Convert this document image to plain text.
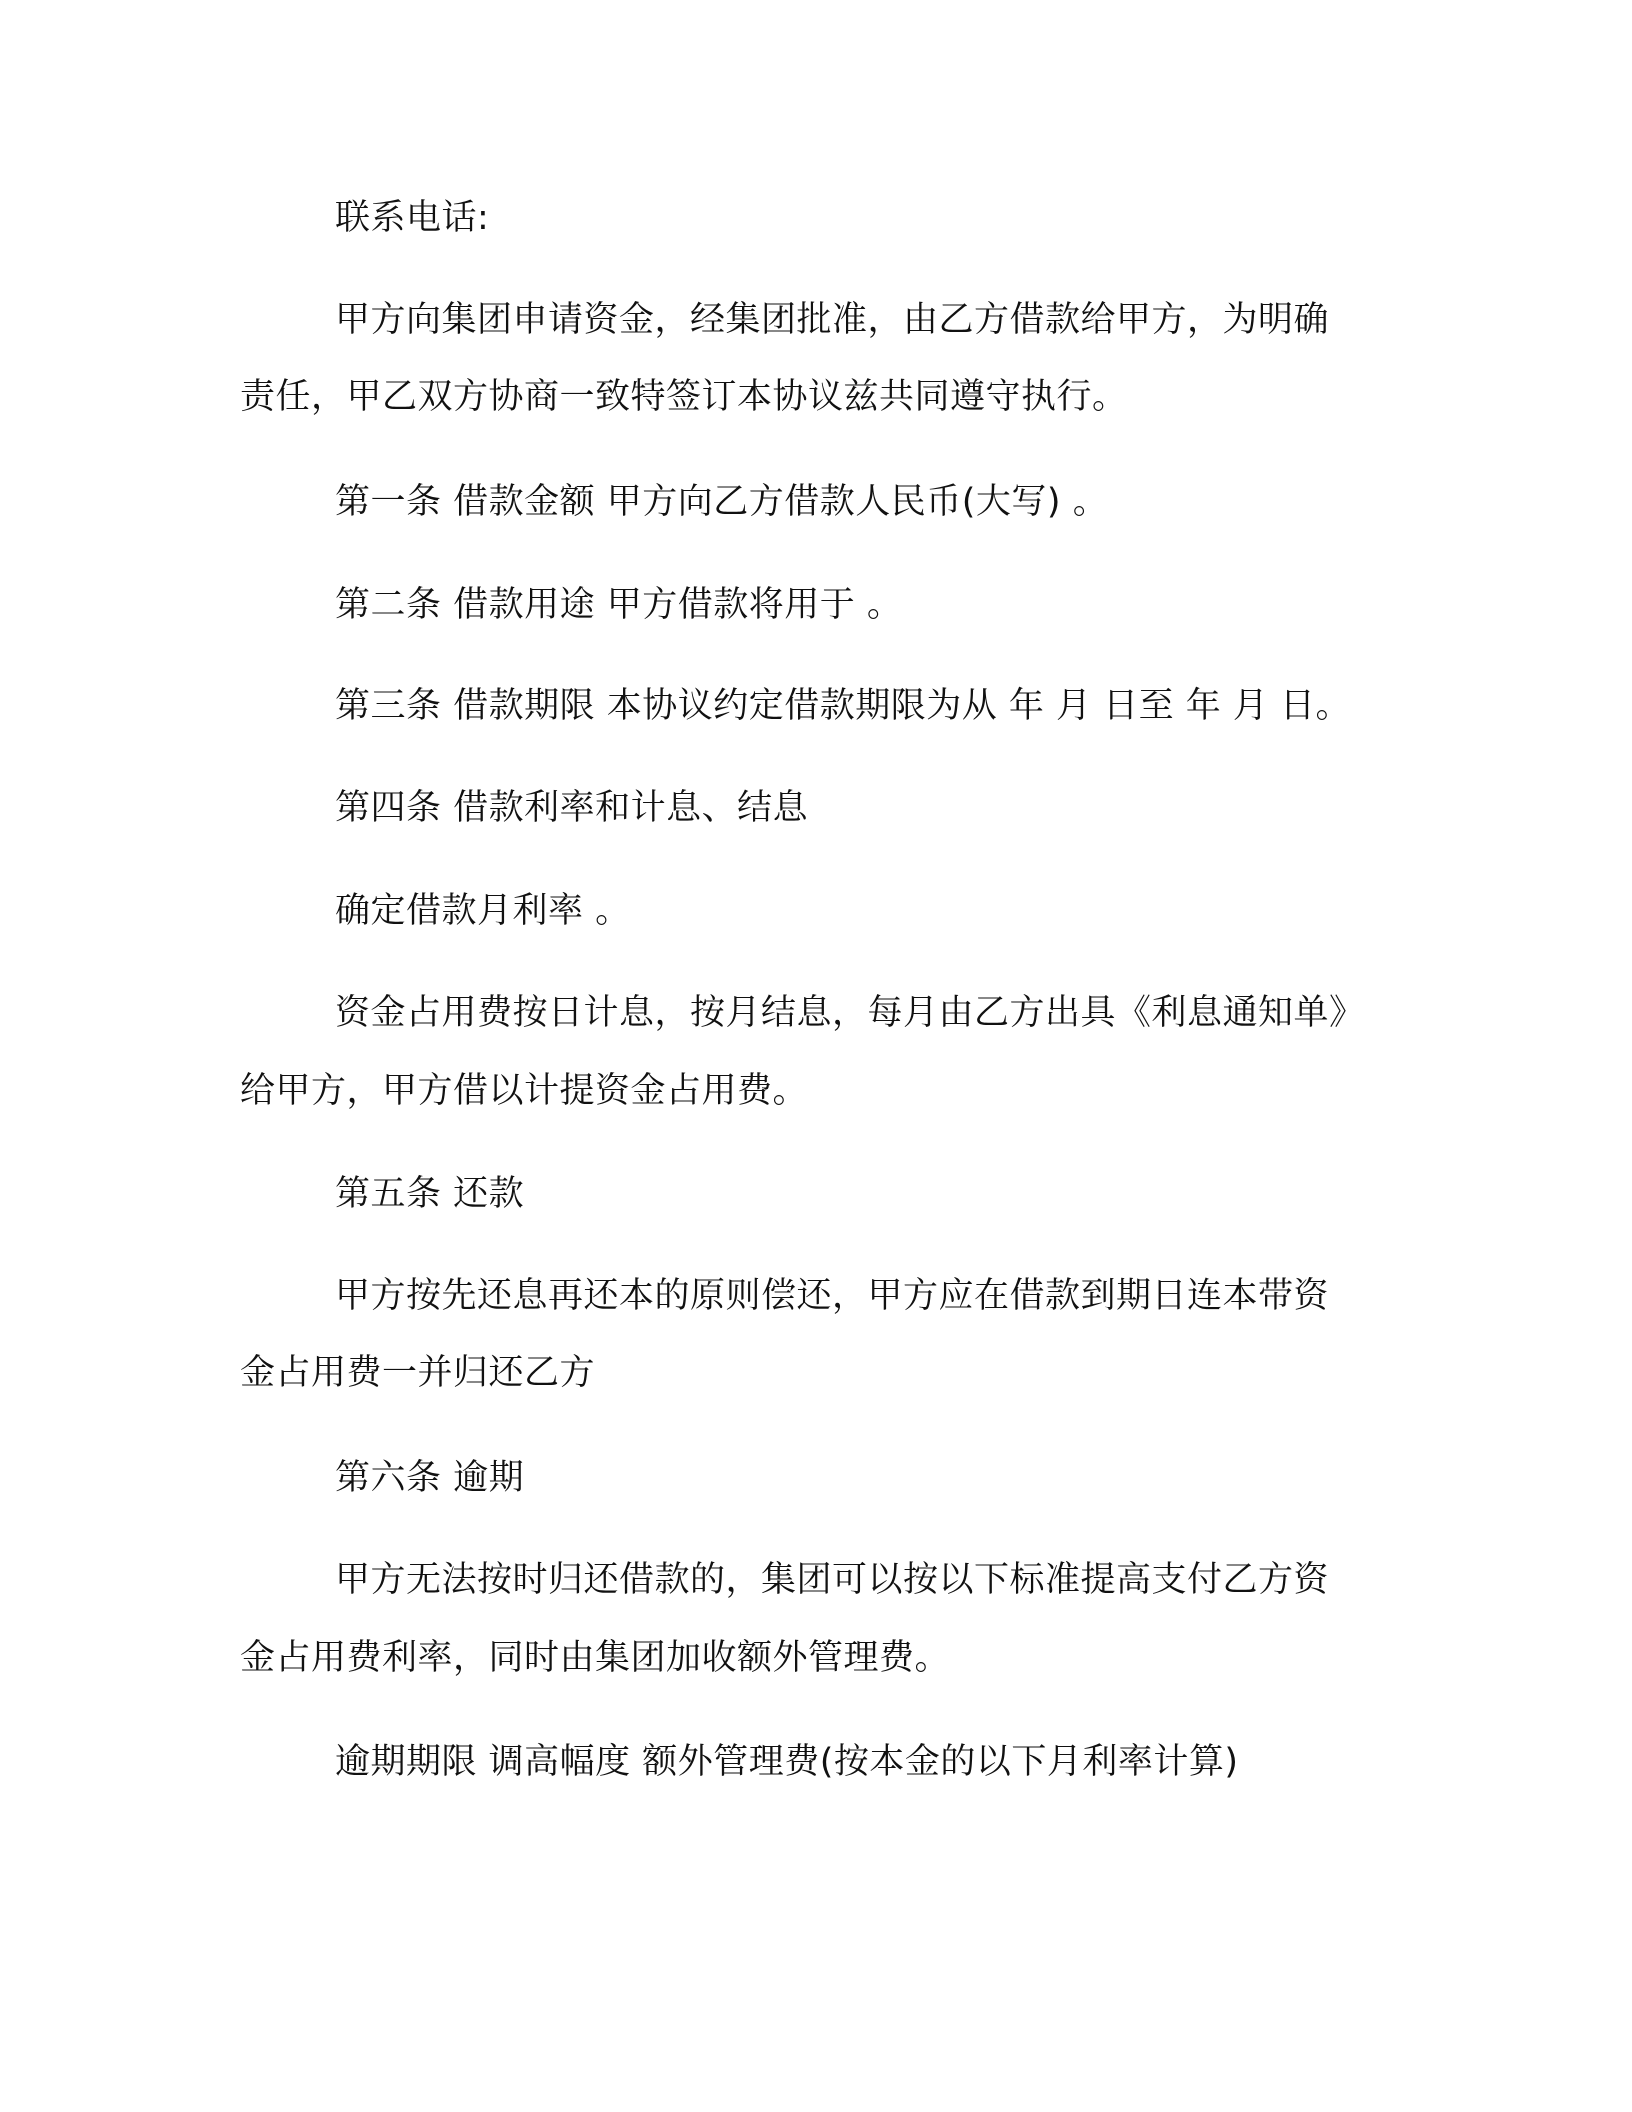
联系电话:
甲方向集团申请资金，经集团批准，由乙方借款给甲方，为明确
责任，甲乙双方协商一致特签订本协议兹共同遵守执行。
第一条 借款金额 甲方向乙方借款人民币(大写) 。
第二条 借款用途 甲方借款将用于 。
第三条 借款期限 本协议约定借款期限为从 年 月 日至 年 月 日。
第四条 借款利率和计息、结息
确定借款月利率 。
资金占用费按日计息，按月结息，每月由乙方出具《利息通知单》
给甲方，甲方借以计提资金占用费。
第五条 还款
甲方按先还息再还本的原则偿还，甲方应在借款到期日连本带资
金占用费一并归还乙方
第六条 逾期
甲方无法按时归还借款的，集团可以按以下标准提高支付乙方资
金占用费利率，同时由集团加收额外管理费。
逾期期限 调高幅度 额外管理费(按本金的以下月利率计算)
